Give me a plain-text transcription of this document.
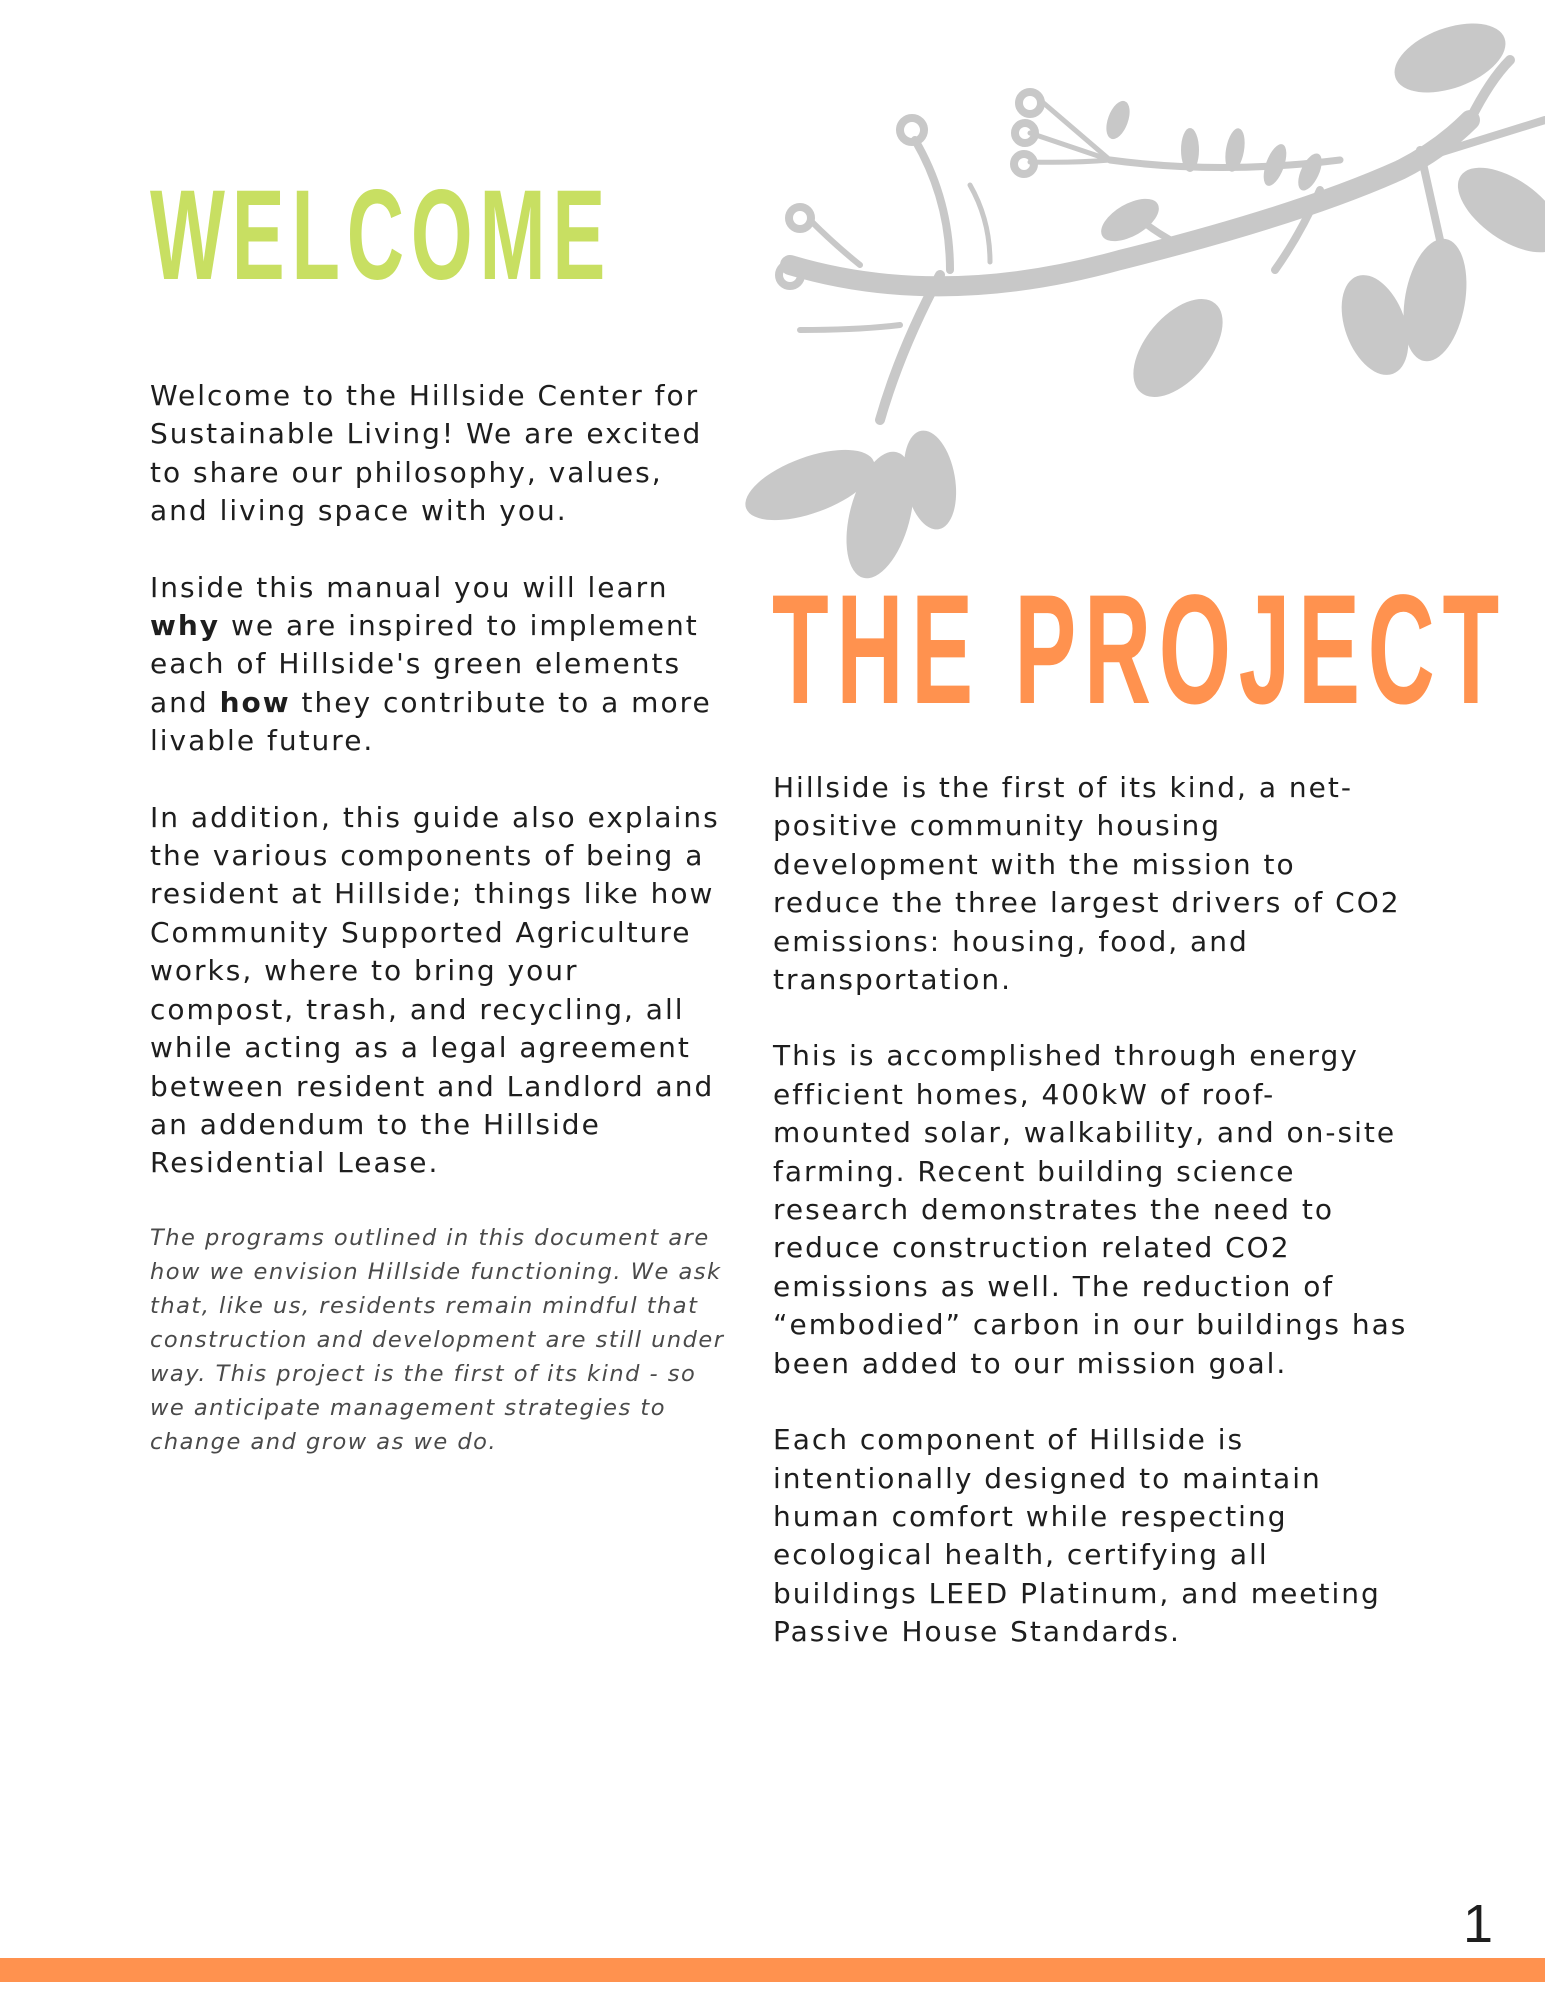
WELCOME

Welcome to the Hillside Center for Sustainable Living! We are excited to share our philosophy, values, and living space with you.

Inside this manual you will learn why we are inspired to implement each of Hillside's green elements and how they contribute to a more livable future.

In addition, this guide also explains the various components of being a resident at Hillside; things like how Community Supported Agriculture works, where to bring your compost, trash, and recycling, all while acting as a legal agreement between resident and Landlord and an addendum to the Hillside Residential Lease.

The programs outlined in this document are how we envision Hillside functioning. We ask that, like us, residents remain mindful that construction and development are still under way. This project is the first of its kind - so we anticipate management strategies to change and grow as we do.

THE PROJECT

Hillside is the first of its kind, a net-positive community housing development with the mission to reduce the three largest drivers of CO2 emissions: housing, food, and transportation.

This is accomplished through energy efficient homes, 400kW of roof-mounted solar, walkability, and on-site farming. Recent building science research demonstrates the need to reduce construction related CO2 emissions as well. The reduction of “embodied” carbon in our buildings has been added to our mission goal.

Each component of Hillside is intentionally designed to maintain human comfort while respecting ecological health, certifying all buildings LEED Platinum, and meeting Passive House Standards.

1
